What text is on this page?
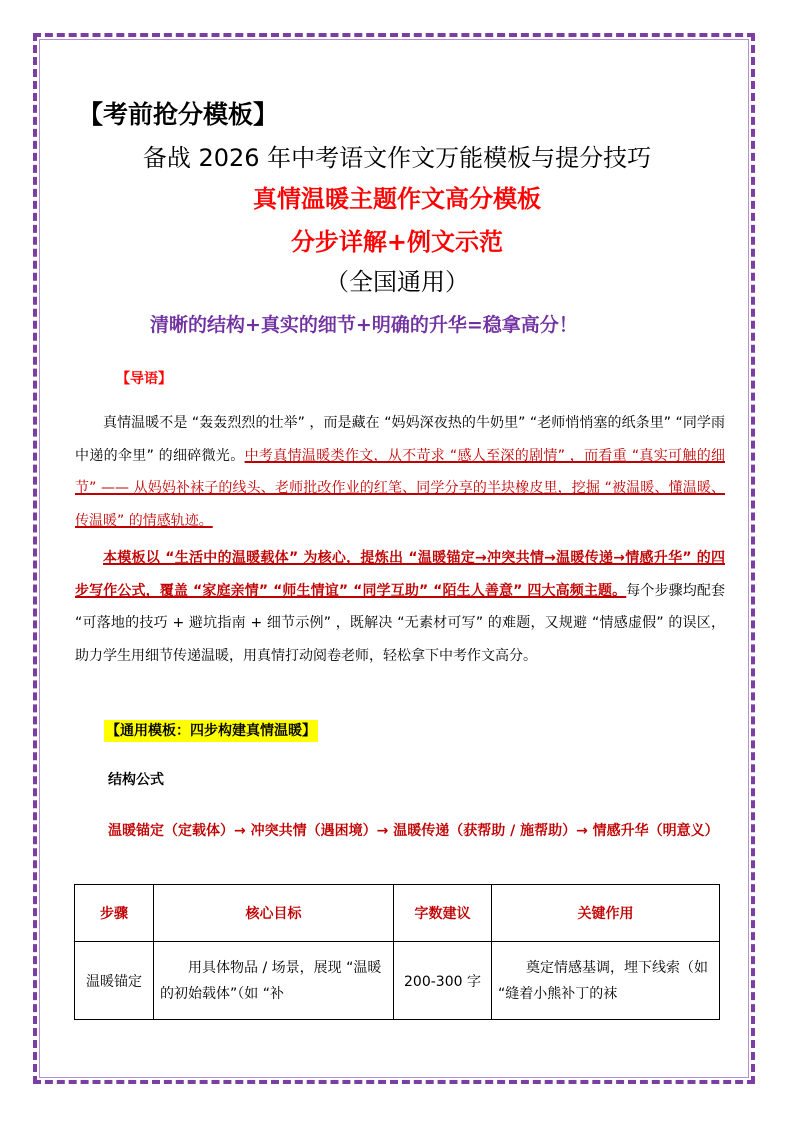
【考前抢分模板】
备战 2026 年中考语文作文万能模板与提分技巧
真情温暖主题作文高分模板
分步详解+例文示范
（全国通用）
清晰的结构+真实的细节+明确的升华=稳拿高分！
【导语】
真情温暖不是 “轰轰烈烈的壮举” ，而是藏在 “妈妈深夜热的牛奶里” “老师悄悄塞的纸条里” “同学雨中递的伞里” 的细碎微光。中考真情温暖类作文，从不苛求 “感人至深的剧情” ，而看重 “真实可触的细节” —— 从妈妈补袜子的线头、老师批改作业的红笔、同学分享的半块橡皮里，挖掘 “被温暖、懂温暖、传温暖” 的情感轨迹。
本模板以 “生活中的温暖载体” 为核心，提炼出 “温暖锚定→冲突共情→温暖传递→情感升华” 的四步写作公式，覆盖 “家庭亲情” “师生情谊” “同学互助” “陌生人善意” 四大高频主题。每个步骤均配套 “可落地的技巧 + 避坑指南 + 细节示例” ，既解决 “无素材可写” 的难题，又规避 “情感虚假” 的误区，助力学生用细节传递温暖，用真情打动阅卷老师，轻松拿下中考作文高分。
【通用模板：四步构建真情温暖】
结构公式
温暖锚定（定载体）→ 冲突共情（遇困境）→ 温暖传递（获帮助 / 施帮助）→ 情感升华（明意义）
步骤	核心目标	字数建议	关键作用
温暖锚定	用具体物品 / 场景，展现 “温暖的初始载体”（如 “补	200-300 字	奠定情感基调，埋下线索（如 “缝着小熊补丁的袜
